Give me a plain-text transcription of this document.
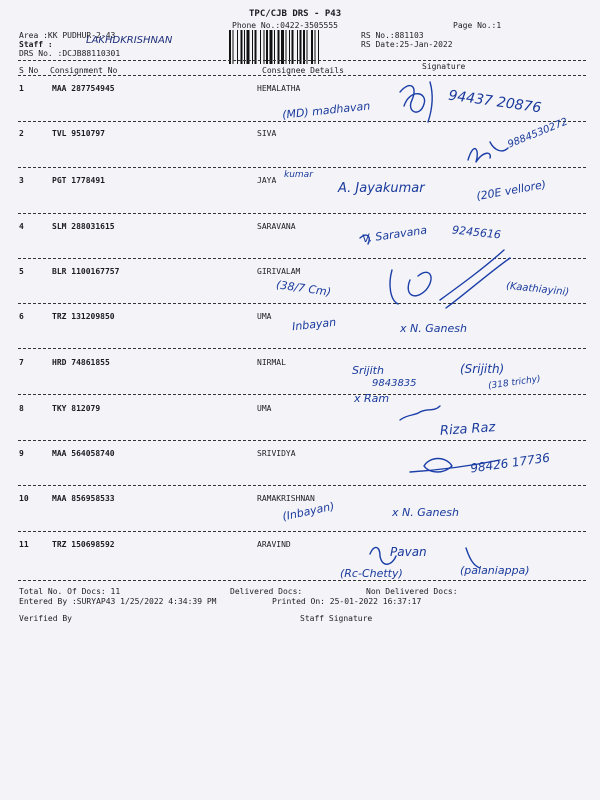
TPC/CJB DRS - P43
Phone No.:0422-3505555	Page No.:1
Area :KK PUDHUR-2-43
Staff :	LAKHDKRISHNAN
DRS No. :DCJB88110301
RS No.:881103
RS Date:25-Jan-2022
S No Consignment No	Consignee Details	Signature
1	MAA 287754945	HEMALATHA
2	TVL 9510797	SIVA
3	PGT 1778491	JAYA
4	SLM 288031615	SARAVANA
5	BLR 1100167757	GIRIVALAM
6	TRZ 131209850	UMA
7	HRD 74861855	NIRMAL
8	TKY 812079	UMA
9	MAA 564058740	SRIVIDYA
10	MAA 856958533	RAMAKRISHNAN
11	TRZ 150698592	ARAVIND
(MD) madhavan	94437 20876
9884530272
kumar
A. Jayakumar	(20E vellore)
V. Saravana 9245616
(38/7 Cm)	(Kaathiayini)
Inbayan	x N. Ganesh
Srijith
9843835
(Srijith)
(318 trichy)
x Ram
Riza Raz
98426 17736
(Inbayan)	x N. Ganesh
Pavan
(Rc-Chetty)	(palaniappa)
Total No. Of Docs: 11	Delivered Docs:	Non Delivered Docs:
Entered By :SURYAP43 1/25/2022 4:34:39 PM	Printed On: 25-01-2022 16:37:17
Verified By	Staff Signature
